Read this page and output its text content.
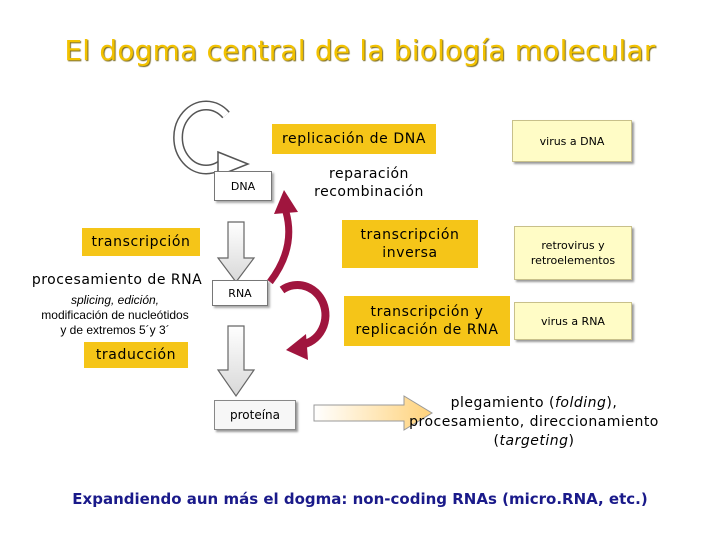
El dogma central de la biología molecular
replicación de DNA
transcripción	transcripción
inversa
transcripción y
replicación de RNA
traducción
reparación
recombinación
procesamiento de RNA
splicing, edición,
modificación de nucleótidos
y de extremos 5´y 3´
plegamiento (folding),
procesamiento, direccionamiento
(targeting)
DNA
RNA
proteína
virus a DNA
retrovirus y
retroelementos
virus a RNA
Expandiendo aun más el dogma: non-coding RNAs (micro.RNA, etc.)
